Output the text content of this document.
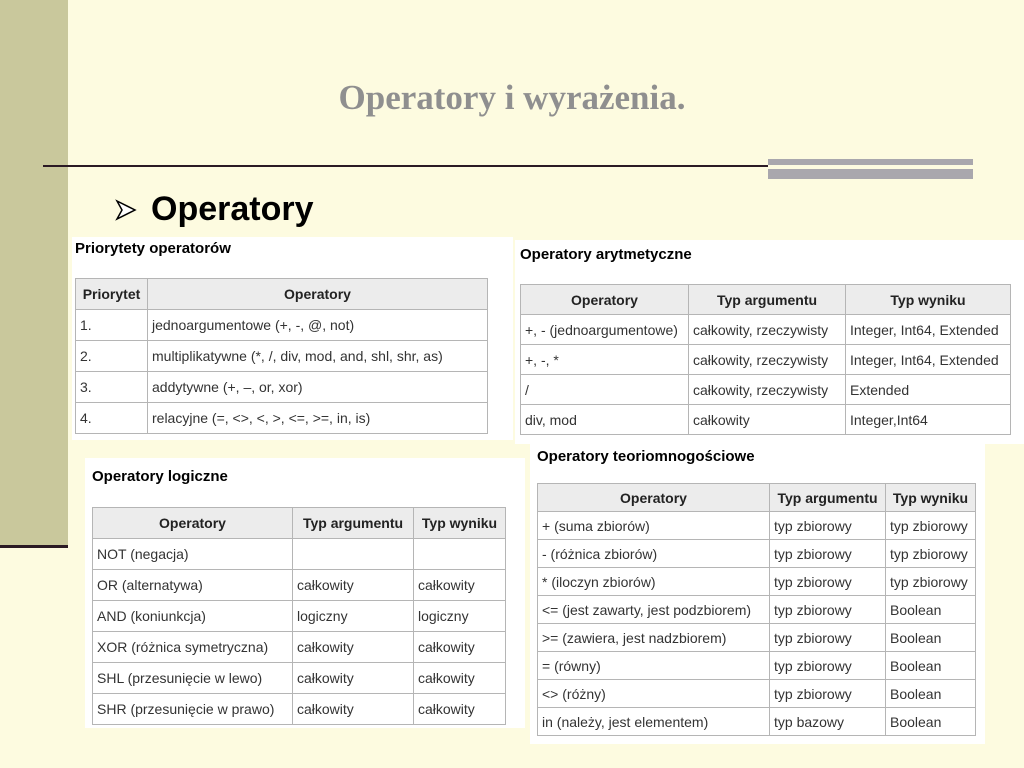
Operatory i wyrażenia.
Operatory
Priorytety operatorów
Priorytet	Operatory
1.	jednoargumentowe (+, -, @, not)
2.	multiplikatywne (*, /, div, mod, and, shl, shr, as)
3.	addytywne (+, –, or, xor)
4.	relacyjne (=, <>, <, >, <=, >=, in, is)
Operatory arytmetyczne
Operatory	Typ argumentu	Typ wyniku
+, - (jednoargumentowe)	całkowity, rzeczywisty	Integer, Int64, Extended
+, -, *	całkowity, rzeczywisty	Integer, Int64, Extended
/	całkowity, rzeczywisty	Extended
div, mod	całkowity	Integer,Int64
Operatory logiczne
Operatory	Typ argumentu	Typ wyniku
NOT (negacja)		
OR (alternatywa)	całkowity	całkowity
AND (koniunkcja)	logiczny	logiczny
XOR (różnica symetryczna)	całkowity	całkowity
SHL (przesunięcie w lewo)	całkowity	całkowity
SHR (przesunięcie w prawo)	całkowity	całkowity
Operatory teoriomnogościowe
Operatory	Typ argumentu	Typ wyniku
+ (suma zbiorów)	typ zbiorowy	typ zbiorowy
- (różnica zbiorów)	typ zbiorowy	typ zbiorowy
* (iloczyn zbiorów)	typ zbiorowy	typ zbiorowy
<= (jest zawarty, jest podzbiorem)	typ zbiorowy	Boolean
>= (zawiera, jest nadzbiorem)	typ zbiorowy	Boolean
= (równy)	typ zbiorowy	Boolean
<> (różny)	typ zbiorowy	Boolean
in (należy, jest elementem)	typ bazowy	Boolean
